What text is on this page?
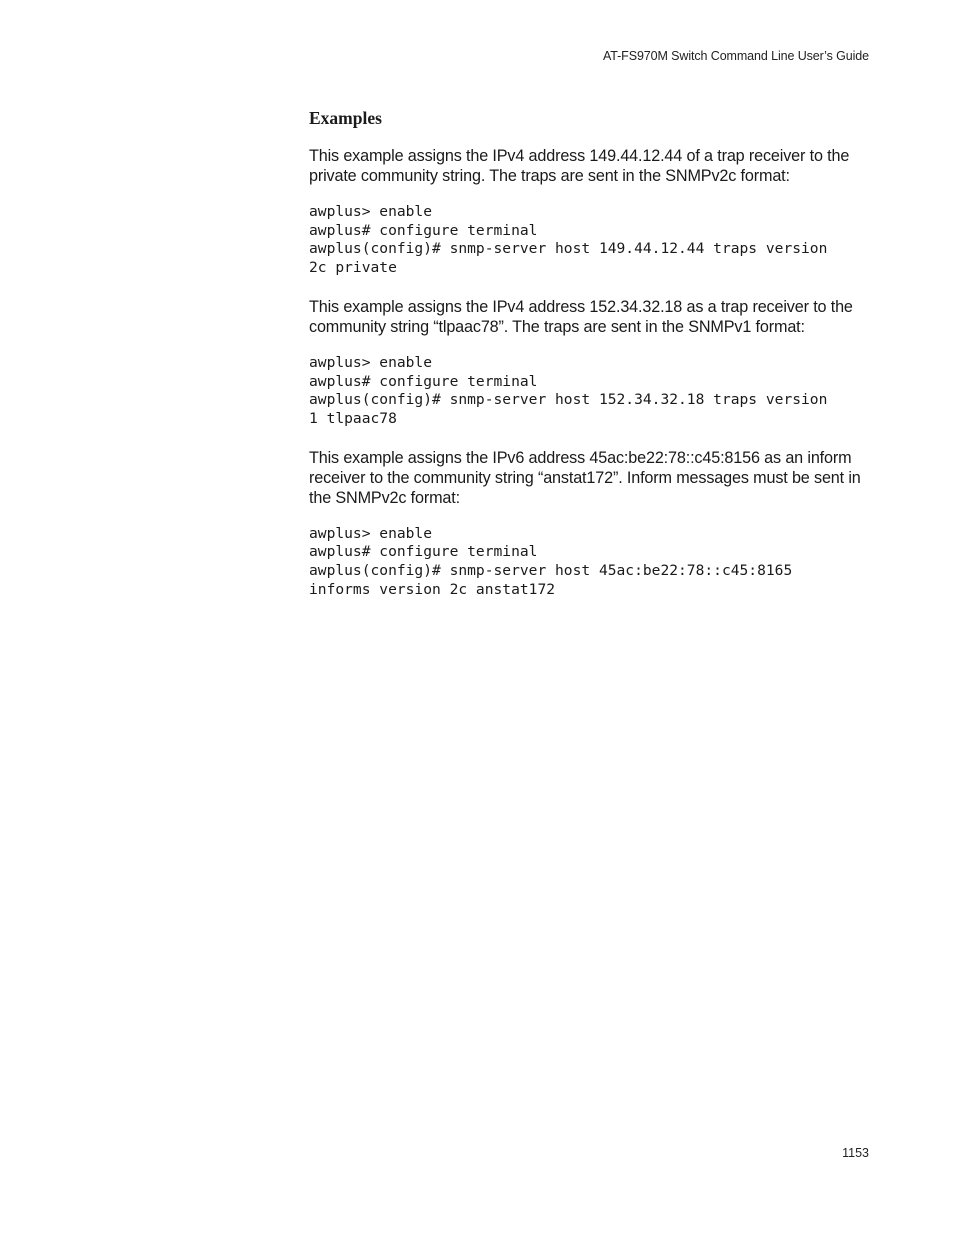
AT-FS970M Switch Command Line User’s Guide
Examples

This example assigns the IPv4 address 149.44.12.44 of a trap receiver to the private community string. The traps are sent in the SNMPv2c format:

awplus> enable
awplus# configure terminal
awplus(config)# snmp-server host 149.44.12.44 traps version
2c private

This example assigns the IPv4 address 152.34.32.18 as a trap receiver to the community string “tlpaac78”. The traps are sent in the SNMPv1 format:

awplus> enable
awplus# configure terminal
awplus(config)# snmp-server host 152.34.32.18 traps version
1 tlpaac78

This example assigns the IPv6 address 45ac:be22:78::c45:8156 as an inform receiver to the community string “anstat172”. Inform messages must be sent in the SNMPv2c format:

awplus> enable
awplus# configure terminal
awplus(config)# snmp-server host 45ac:be22:78::c45:8165
informs version 2c anstat172
1153
